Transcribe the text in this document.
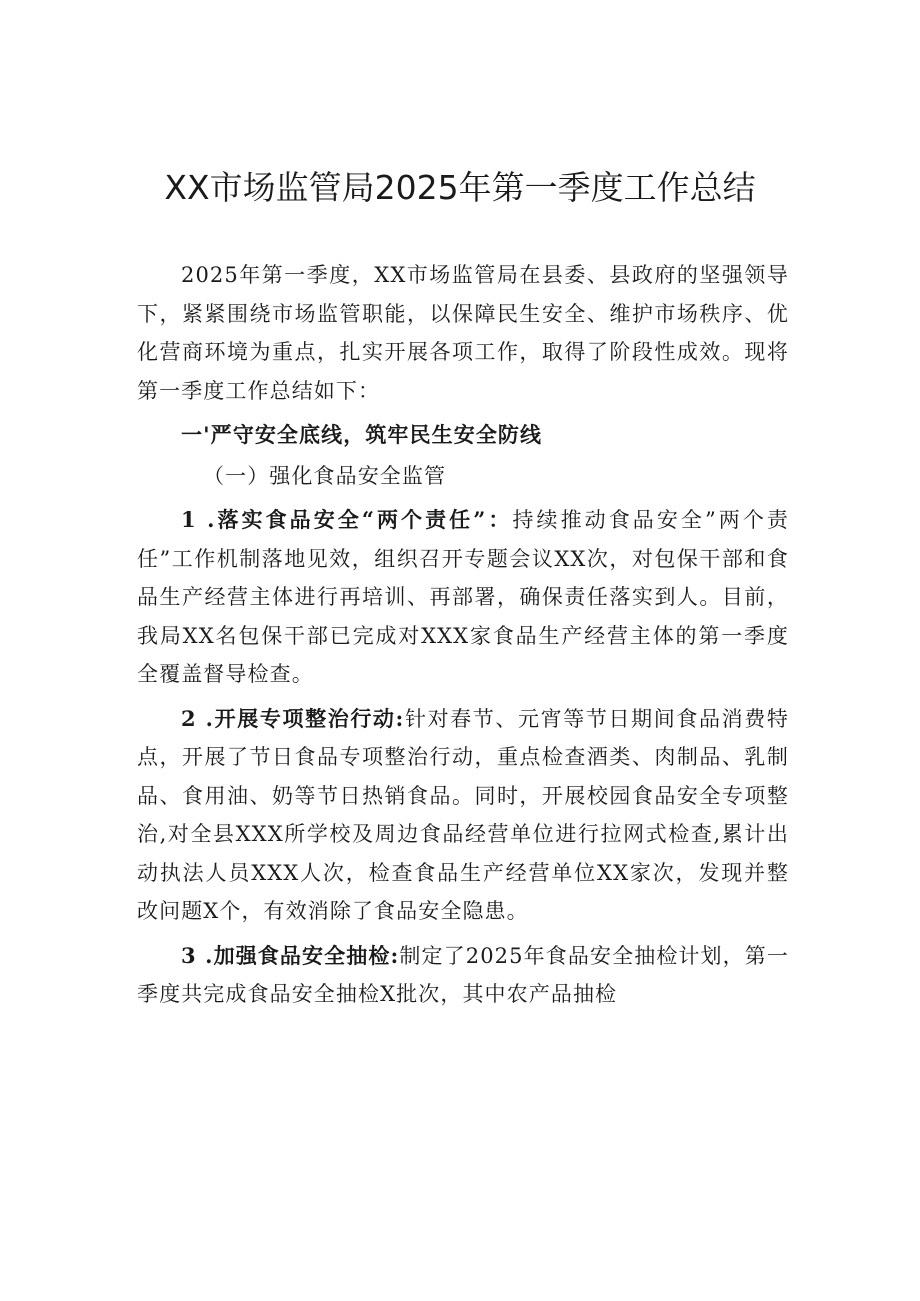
XX市场监管局2025年第一季度工作总结

2025年第一季度，XX市场监管局在县委、县政府的坚强领导下，紧紧围绕市场监管职能，以保障民生安全、维护市场秩序、优化营商环境为重点，扎实开展各项工作，取得了阶段性成效。现将第一季度工作总结如下：

一'严守安全底线，筑牢民生安全防线

（一）强化食品安全监管

1 .落实食品安全“两个责任”：持续推动食品安全”两个责任”工作机制落地见效，组织召开专题会议XX次，对包保干部和食品生产经营主体进行再培训、再部署，确保责任落实到人。目前，我局XX名包保干部已完成对XXX家食品生产经营主体的第一季度全覆盖督导检查。

2 .开展专项整治行动:针对春节、元宵等节日期间食品消费特点，开展了节日食品专项整治行动，重点检查酒类、肉制品、乳制品、食用油、奶等节日热销食品。同时，开展校园食品安全专项整治,对全县XXX所学校及周边食品经营单位进行拉网式检查,累计出动执法人员XXX人次，检查食品生产经营单位XX家次，发现并整改问题X个，有效消除了食品安全隐患。

3 .加强食品安全抽检:制定了2025年食品安全抽检计划，第一季度共完成食品安全抽检X批次，其中农产品抽检
